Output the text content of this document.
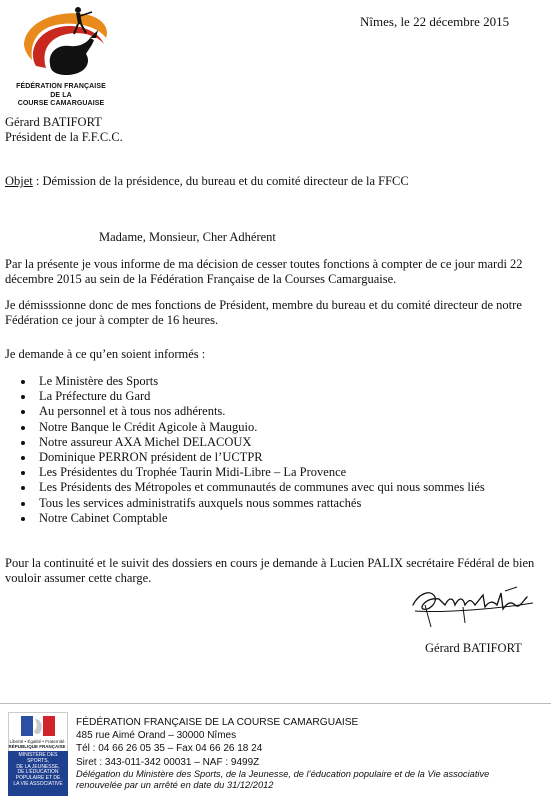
FÉDÉRATION FRANÇAISE
DE LA
COURSE CAMARGUAISE
Nîmes, le 22 décembre 2015
Gérard BATIFORT
Président de la F.F.C.C.
Objet : Démission de la présidence, du bureau et du comité directeur de la FFCC
Madame, Monsieur, Cher Adhérent
Par la présente je vous informe de ma décision de cesser toutes fonctions à compter de ce jour mardi 22 décembre 2015 au sein de la Fédération Française de la Courses Camarguaise.
Je démisssionne donc de mes fonctions de Président, membre du bureau et du comité directeur de notre Fédération ce jour à compter de 16 heures.
Je demande à ce qu’en soient informés :
Le Ministère des Sports
La Préfecture du Gard
Au personnel et à tous nos adhérents.
Notre Banque le Crédit Agicole à Mauguio.
Notre assureur AXA Michel DELACOUX
Dominique PERRON président de l’UCTPR
Les Présidentes du Trophée Taurin Midi-Libre – La Provence
Les Présidents des Métropoles et communautés de communes avec qui nous sommes liés
Tous les services administratifs auxquels nous sommes rattachés
Notre Cabinet Comptable
Pour la continuité et le suivit des dossiers en cours je demande à Lucien PALIX secrétaire Fédéral de bien vouloir assumer cette charge.
Gérard BATIFORT
Liberté • Égalité • Fraternité
RÉPUBLIQUE FRANÇAISE
MINISTÈRE DES SPORTS,
DE LA JEUNESSE,
DE L’ÉDUCATION
POPULAIRE ET DE
LA VIE ASSOCIATIVE
FÉDÉRATION FRANÇAISE DE LA COURSE CAMARGUAISE
485 rue Aimé Orand – 30000 Nîmes
Tél : 04 66 26 05 35 – Fax 04 66 26 18 24
Siret : 343-011-342 00031 – NAF : 9499Z
Délégation du Ministère des Sports, de la Jeunesse, de l’éducation populaire et de la Vie associative
renouvelée par un arrêté en date du 31/12/2012
